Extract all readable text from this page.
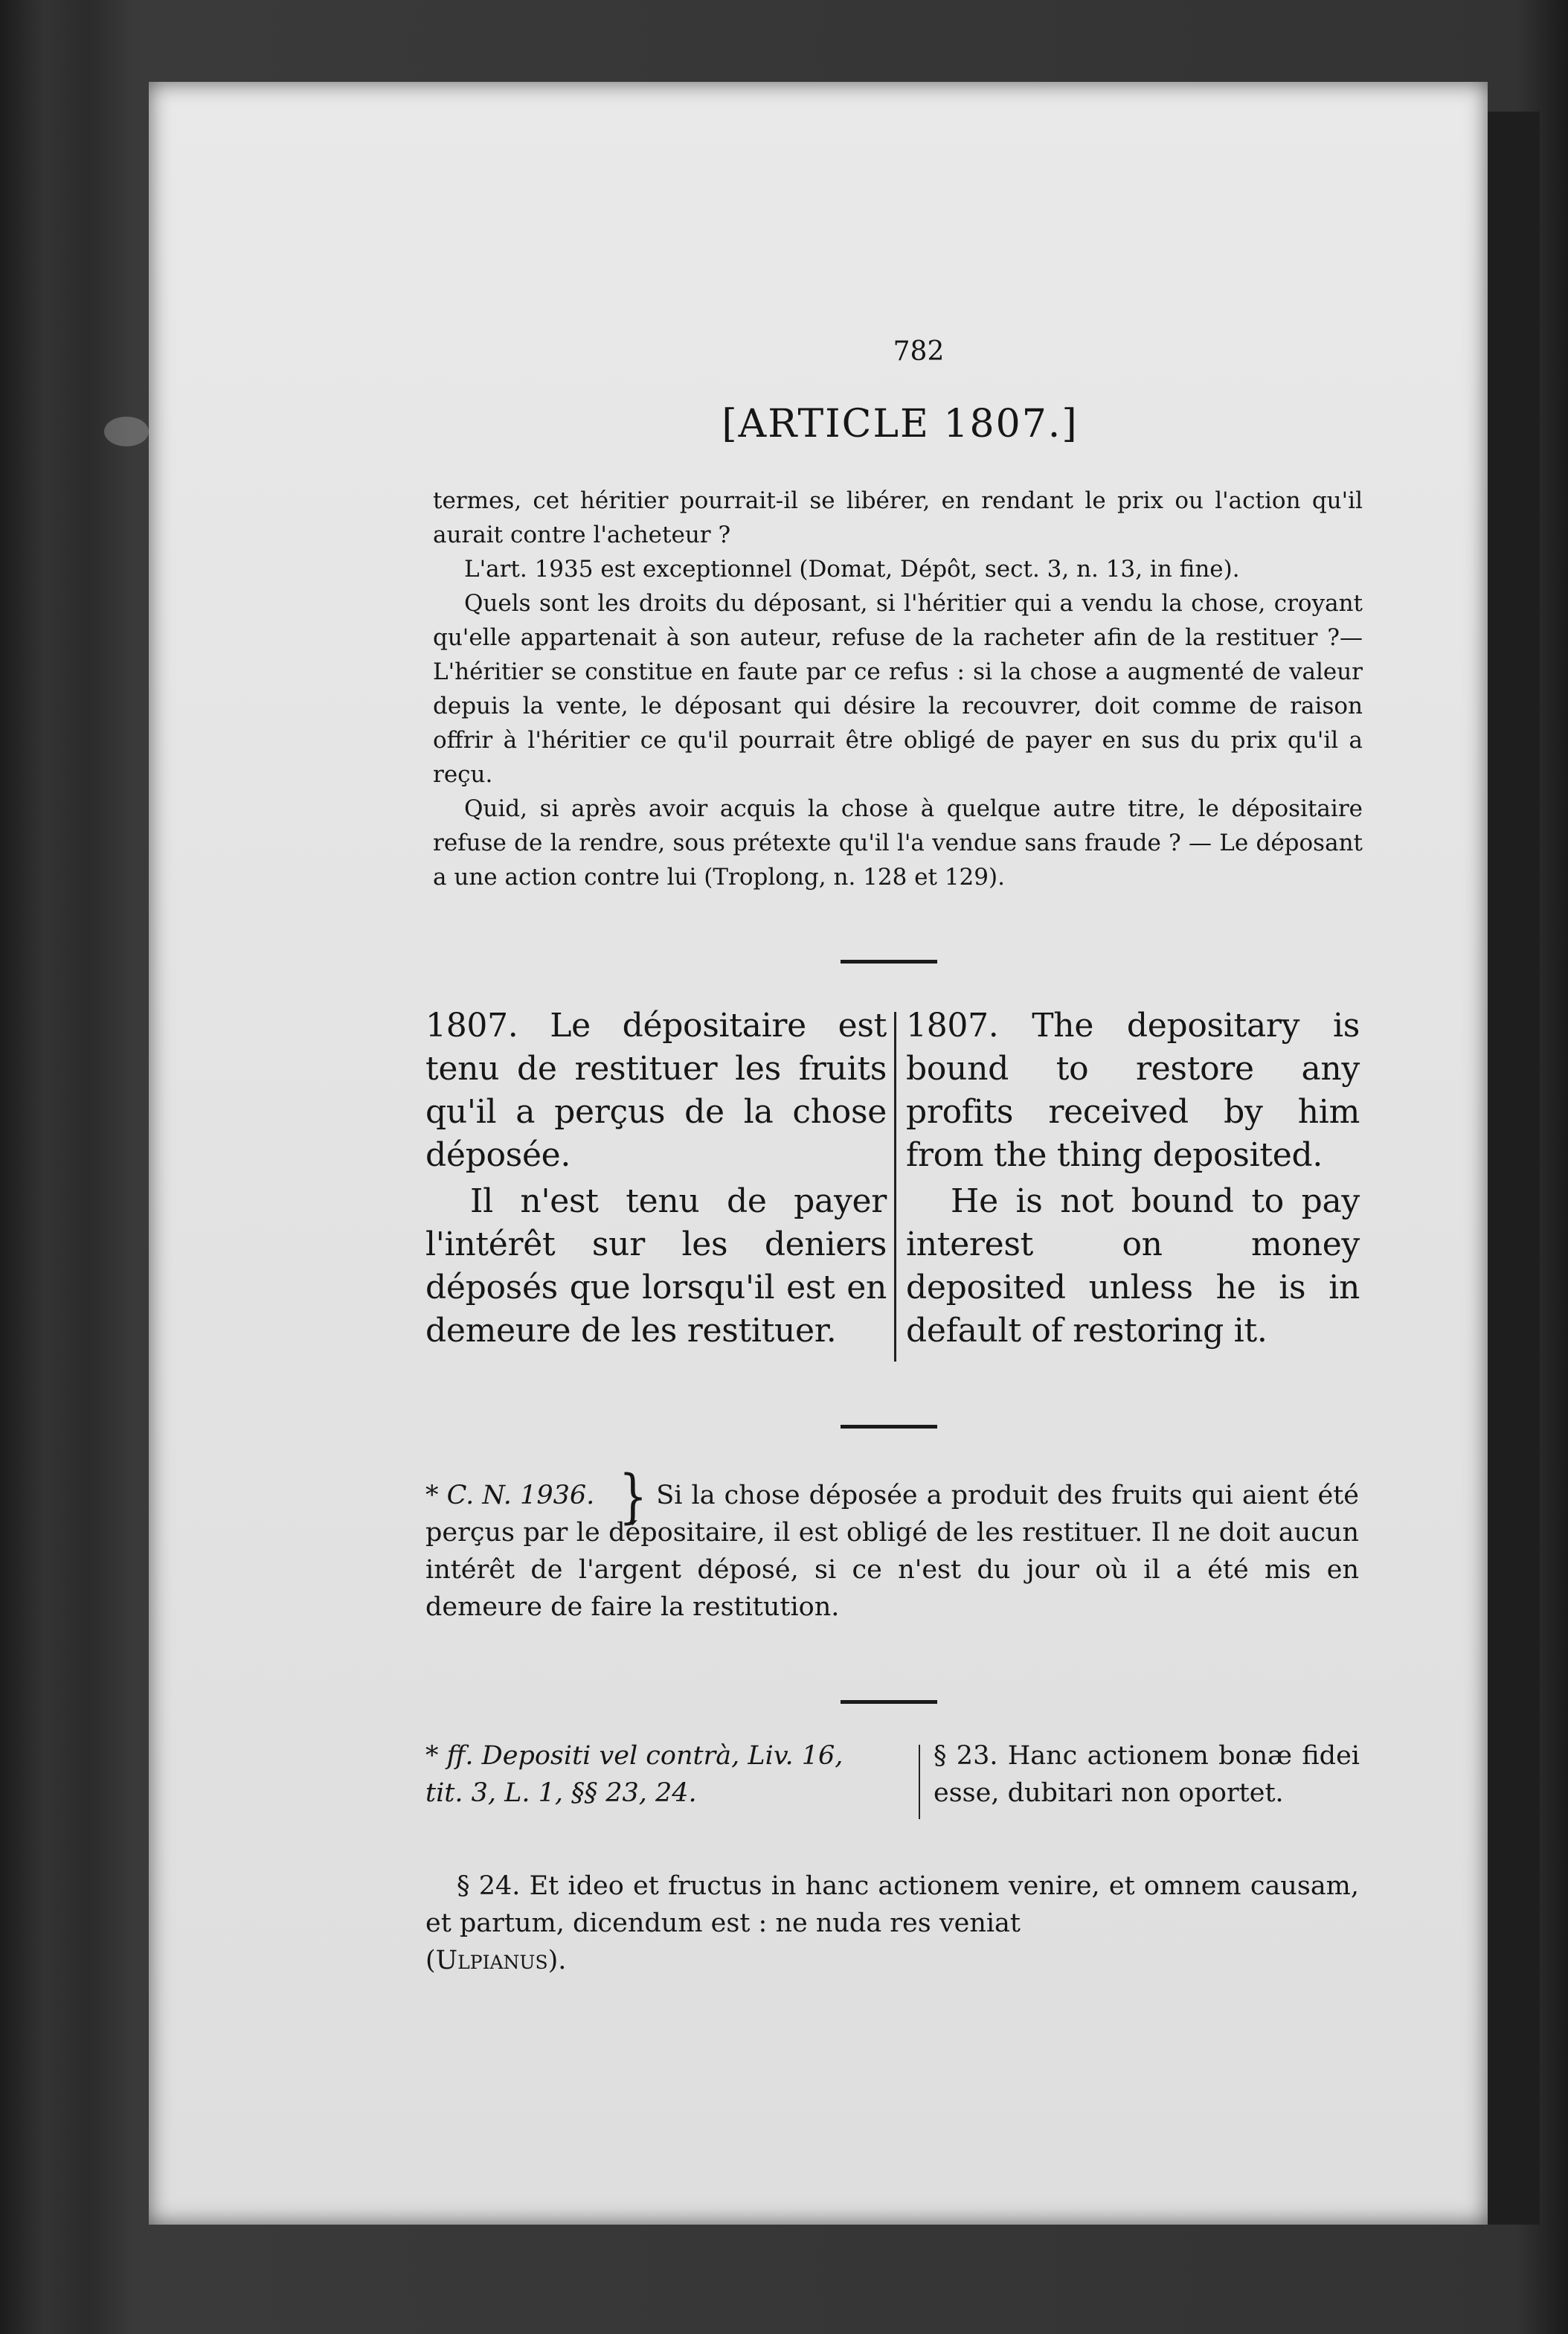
782
[ARTICLE 1807.]

termes, cet héritier pourrait-il se libérer, en rendant le prix ou l'action qu'il aurait contre l'acheteur ?

L'art. 1935 est exceptionnel (Domat, Dépôt, sect. 3, n. 13, in fine).

Quels sont les droits du déposant, si l'héritier qui a vendu la chose, croyant qu'elle appartenait à son auteur, refuse de la racheter afin de la restituer ?—L'héritier se constitue en faute par ce refus : si la chose a augmenté de valeur depuis la vente, le déposant qui désire la recouvrer, doit comme de raison offrir à l'héritier ce qu'il pourrait être obligé de payer en sus du prix qu'il a reçu.

Quid, si après avoir acquis la chose à quelque autre titre, le dépositaire refuse de la rendre, sous prétexte qu'il l'a vendue sans fraude ? — Le déposant a une action contre lui (Troplong, n. 128 et 129).

1807. Le dépositaire est tenu de restituer les fruits qu'il a perçus de la chose déposée.

Il n'est tenu de payer l'intérêt sur les deniers déposés que lorsqu'il est en demeure de les restituer.

1807. The depositary is bound to restore any profits received by him from the thing deposited.

He is not bound to pay interest on money deposited unless he is in default of restoring it.

* C. N. 1936. } Si la chose déposée a produit des fruits qui aient été perçus par le dépositaire, il est obligé de les restituer. Il ne doit aucun intérêt de l'argent déposé, si ce n'est du jour où il a été mis en demeure de faire la restitution.
* ff. Depositi vel contrà, Liv. 16, tit. 3, L. 1, §§ 23, 24.
§ 23. Hanc actionem bonæ fidei esse, dubitari non oportet.
§ 24. Et ideo et fructus in hanc actionem venire, et omnem causam, et partum, dicendum est : ne nuda res veniat
(Ulpianus).
